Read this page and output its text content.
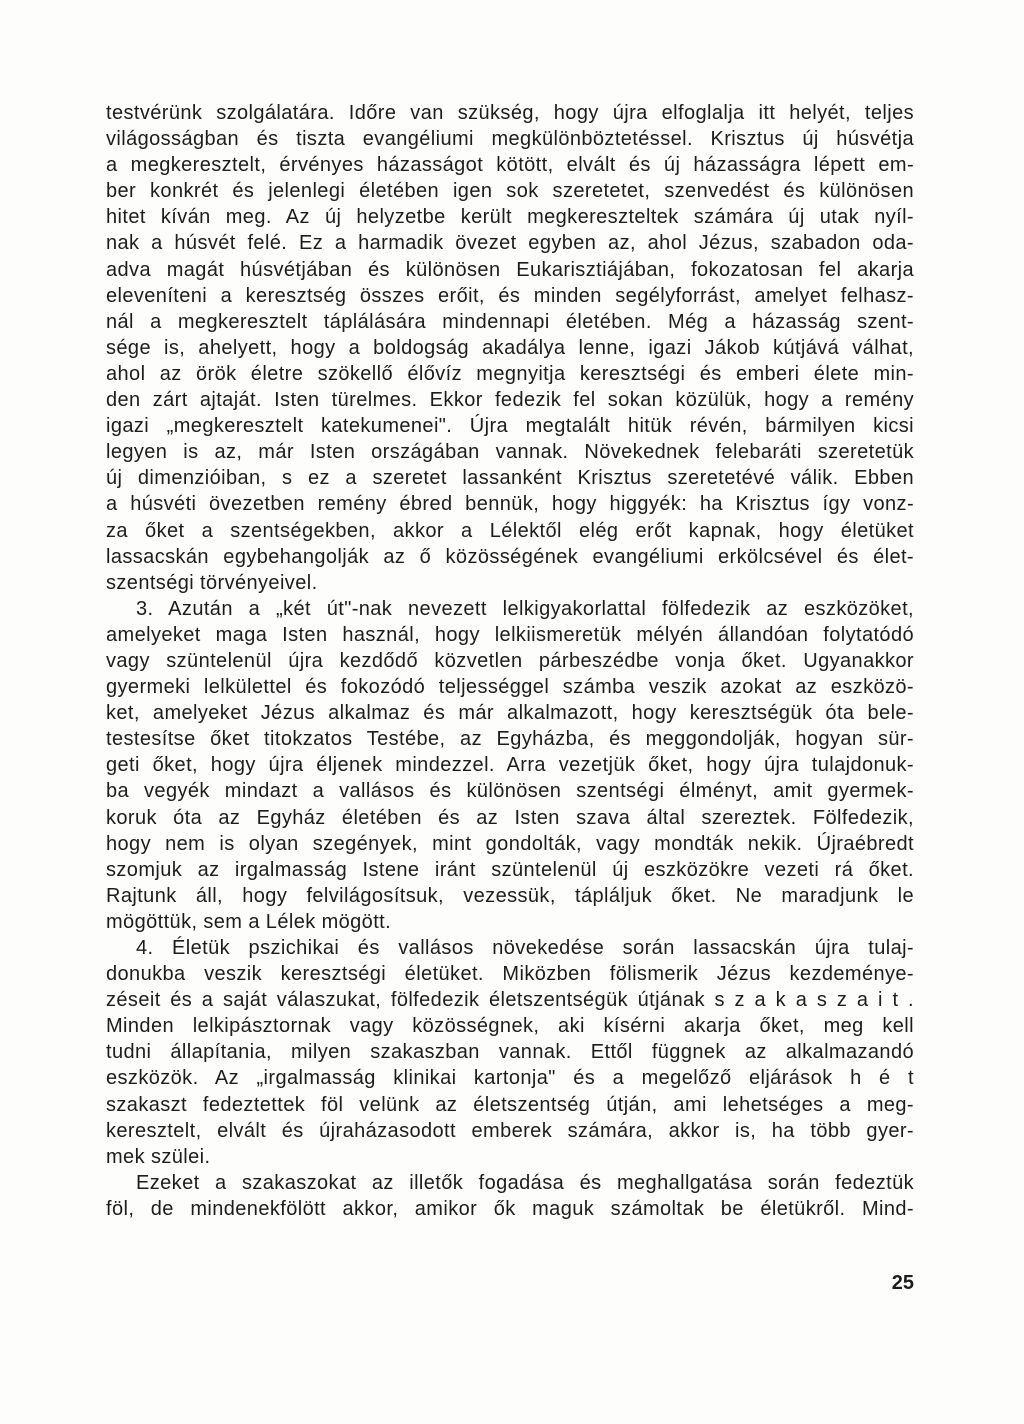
testvérünk szolgálatára. Időre van szükség, hogy újra elfoglalja itt helyét, teljes
világosságban és tiszta evangéliumi megkülönböztetéssel. Krisztus új húsvétja
a megkeresztelt, érvényes házasságot kötött, elvált és új házasságra lépett em-
ber konkrét és jelenlegi életében igen sok szeretetet, szenvedést és különösen
hitet kíván meg. Az új helyzetbe került megkereszteltek számára új utak nyíl-
nak a húsvét felé. Ez a harmadik övezet egyben az, ahol Jézus, szabadon oda-
adva magát húsvétjában és különösen Eukarisztiájában, fokozatosan fel akarja
eleveníteni a keresztség összes erőit, és minden segélyforrást, amelyet felhasz-
nál a megkeresztelt táplálására mindennapi életében. Még a házasság szent-
sége is, ahelyett, hogy a boldogság akadálya lenne, igazi Jákob kútjává válhat,
ahol az örök életre szökellő élővíz megnyitja keresztségi és emberi élete min-
den zárt ajtaját. Isten türelmes. Ekkor fedezik fel sokan közülük, hogy a remény
igazi „megkeresztelt katekumenei". Újra megtalált hitük révén, bármilyen kicsi
legyen is az, már Isten országában vannak. Növekednek felebaráti szeretetük
új dimenzióiban, s ez a szeretet lassanként Krisztus szeretetévé válik. Ebben
a húsvéti övezetben remény ébred bennük, hogy higgyék: ha Krisztus így vonz-
za őket a szentségekben, akkor a Lélektől elég erőt kapnak, hogy életüket
lassacskán egybehangolják az ő közösségének evangéliumi erkölcsével és élet-
szentségi törvényeivel.
3. Azután a „két út"-nak nevezett lelkigyakorlattal fölfedezik az eszközöket,
amelyeket maga Isten használ, hogy lelkiismeretük mélyén állandóan folytatódó
vagy szüntelenül újra kezdődő közvetlen párbeszédbe vonja őket. Ugyanakkor
gyermeki lelkülettel és fokozódó teljességgel számba veszik azokat az eszközö-
ket, amelyeket Jézus alkalmaz és már alkalmazott, hogy keresztségük óta bele-
testesítse őket titokzatos Testébe, az Egyházba, és meggondolják, hogyan sür-
geti őket, hogy újra éljenek mindezzel. Arra vezetjük őket, hogy újra tulajdonuk-
ba vegyék mindazt a vallásos és különösen szentségi élményt, amit gyermek-
koruk óta az Egyház életében és az Isten szava által szereztek. Fölfedezik,
hogy nem is olyan szegények, mint gondolták, vagy mondták nekik. Újraébredt
szomjuk az irgalmasság Istene iránt szüntelenül új eszközökre vezeti rá őket.
Rajtunk áll, hogy felvilágosítsuk, vezessük, tápláljuk őket. Ne maradjunk le
mögöttük, sem a Lélek mögött.
4. Életük pszichikai és vallásos növekedése során lassacskán újra tulaj-
donukba veszik keresztségi életüket. Miközben fölismerik Jézus kezdeménye-
zéseit és a saját válaszukat, fölfedezik életszentségük útjának s z a k a s z a i t .
Minden lelkipásztornak vagy közösségnek, aki kísérni akarja őket, meg kell
tudni állapítania, milyen szakaszban vannak. Ettől függnek az alkalmazandó
eszközök. Az „irgalmasság klinikai kartonja" és a megelőző eljárások h é t
szakaszt fedeztettek föl velünk az életszentség útján, ami lehetséges a meg-
keresztelt, elvált és újraházasodott emberek számára, akkor is, ha több gyer-
mek szülei.
Ezeket a szakaszokat az illetők fogadása és meghallgatása során fedeztük
föl, de mindenekfölött akkor, amikor ők maguk számoltak be életükről. Mind-
25
